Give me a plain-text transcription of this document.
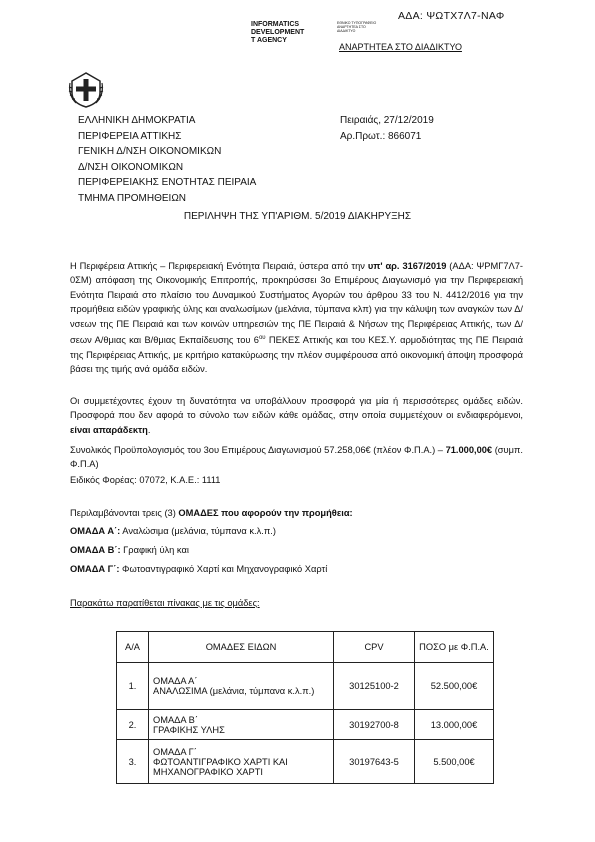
ΑΔΑ: ΨΩΤΧ7Λ7-ΝΑΦ
INFORMATICS
DEVELOPMENT
T AGENCY
ΕΘΝΙΚΟ ΤΥΠΟΓΡΑΦΕΙΟ ΑΝΑΡΤΗΤΕΑ ΣΤΟ ΔΙΑΔΙΚΤΥΟ
ΑΝΑΡΤΗΤΕΑ ΣΤΟ ΔΙΑΔΙΚΤΥΟ
ΕΛΛΗΝΙΚΗ ΔΗΜΟΚΡΑΤΙΑ
ΠΕΡΙΦΕΡΕΙΑ ΑΤΤΙΚΗΣ
ΓΕΝΙΚΗ Δ/ΝΣΗ ΟΙΚΟΝΟΜΙΚΩΝ
Δ/ΝΣΗ ΟΙΚΟΝΟΜΙΚΩΝ
ΠΕΡΙΦΕΡΕΙΑΚΗΣ ΕΝΟΤΗΤΑΣ ΠΕΙΡΑΙΑ
ΤΜΗΜΑ ΠΡΟΜΗΘΕΙΩΝ
Πειραιάς, 27/12/2019
Αρ.Πρωτ.: 866071
ΠΕΡΙΛΗΨΗ ΤΗΣ ΥΠ'ΑΡΙΘΜ. 5/2019 ΔΙΑΚΗΡΥΞΗΣ

Η Περιφέρεια Αττικής – Περιφερειακή Ενότητα Πειραιά, ύστερα από την υπ' αρ. 3167/2019 (ΑΔΑ: ΨΡΜΓ7Λ7-0ΣΜ) απόφαση της Οικονομικής Επιτροπής, προκηρύσσει 3ο Επιμέρους Διαγωνισμό για την Περιφερειακή Ενότητα Πειραιά στο πλαίσιο του Δυναμικού Συστήματος Αγορών του άρθρου 33 του Ν. 4412/2016 για την προμήθεια ειδών γραφικής ύλης και αναλωσίμων (μελάνια, τύμπανα κλπ) για την κάλυψη των αναγκών των Δ/νσεων της ΠΕ Πειραιά και των κοινών υπηρεσιών της ΠΕ Πειραιά & Νήσων της Περιφέρειας Αττικής, των Δ/σεων Α/θμιας και Β/θμιας Εκπαίδευσης του $6^{o\upsilon}$ ΠΕΚΕΣ Αττικής και του ΚΕΣ.Υ. αρμοδιότητας της ΠΕ Πειραιά της Περιφέρειας Αττικής, με κριτήριο κατακύρωσης την πλέον συμφέρουσα από οικονομική άποψη προσφορά βάσει της τιμής ανά ομάδα ειδών.

Οι συμμετέχοντες έχουν τη δυνατότητα να υποβάλλουν προσφορά για μία ή περισσότερες ομάδες ειδών. Προσφορά που δεν αφορά το σύνολο των ειδών κάθε ομάδας, στην οποία συμμετέχουν οι ενδιαφερόμενοι, είναι απαράδεκτη.

Συνολικός Προϋπολογισμός του 3ου Επιμέρους Διαγωνισμού 57.258,06€ (πλέον Φ.Π.Α.) – 71.000,00€ (συμπ. Φ.Π.Α)

Ειδικός Φορέας: 07072, Κ.Α.Ε.: 1111
Περιλαμβάνονται τρεις (3) ΟΜΑΔΕΣ που αφορούν την προμήθεια:
ΟΜΑΔΑ Α΄: Αναλώσιμα (μελάνια, τύμπανα κ.λ.π.)
ΟΜΑΔΑ Β΄: Γραφική ύλη και
ΟΜΑΔΑ Γ΄: Φωτοαντιγραφικό Χαρτί και Μηχανογραφικό Χαρτί
Παρακάτω παρατίθεται πίνακας με τις ομάδες:
Α/Α	ΟΜΑΔΕΣ ΕΙΔΩΝ	CPV	ΠΟΣΟ με Φ.Π.Α.
1.	ΟΜΑΔΑ Α΄
ΑΝΑΛΩΣΙΜΑ (μελάνια, τύμπανα κ.λ.π.)	30125100-2	52.500,00€
2.	ΟΜΑΔΑ Β΄
ΓΡΑΦΙΚΗΣ ΥΛΗΣ	30192700-8	13.000,00€
3.	ΟΜΑΔΑ Γ΄
ΦΩΤΟΑΝΤΙΓΡΑΦΙΚΟ ΧΑΡΤΙ ΚΑΙ ΜΗΧΑΝΟΓΡΑΦΙΚΟ ΧΑΡΤΙ	30197643-5	5.500,00€
